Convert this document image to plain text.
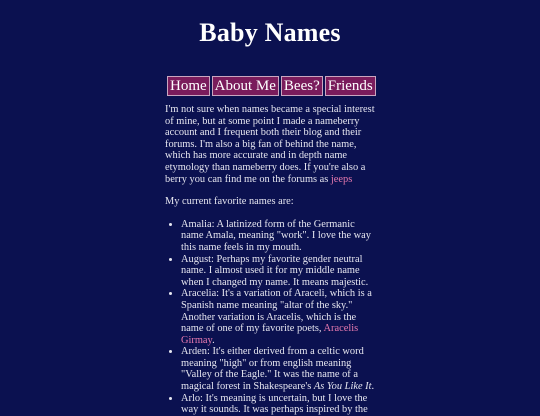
Baby Names
Home About Me Bees? Friends

I'm not sure when names became a special interest of mine, but at some point I made a nameberry account and I frequent both their blog and their forums. I'm also a big fan of behind the name, which has more accurate and in depth name etymology than nameberry does. If you're also a berry you can find me on the forums as jeeps

My current favorite names are:

• Amalia: A latinized form of the Germanic name Amala, meaning "work". I love the way this name feels in my mouth.
• August: Perhaps my favorite gender neutral name. I almost used it for my middle name when I changed my name. It means majestic.
• Aracelia: It's a variation of Araceli, which is a Spanish name meaning "altar of the sky." Another variation is Aracelis, which is the name of one of my favorite poets, Aracelis Girmay.
• Arden: It's either derived from a celtic word meaning "high" or from english meaning "Valley of the Eagle." It was the name of a magical forest in Shakespeare's As You Like It.
• Arlo: It's meaning is uncertain, but I love the way it sounds. It was perhaps inspired by the
